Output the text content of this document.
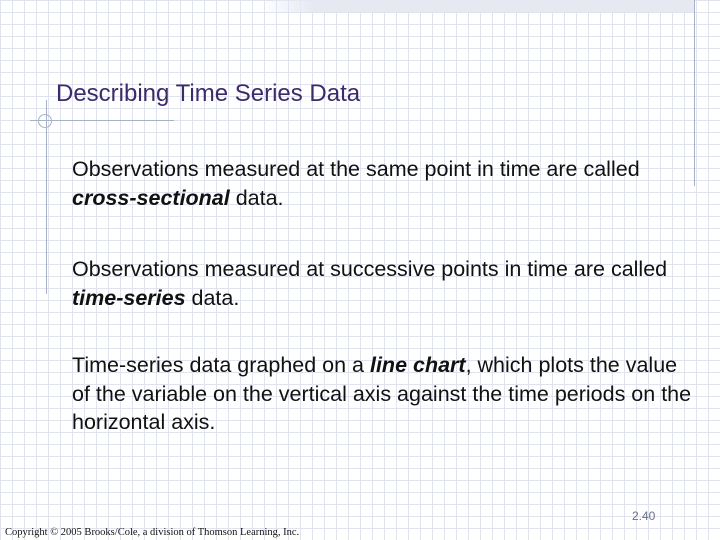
Describing Time Series Data

Observations measured at the same point in time are called cross-sectional data.

Observations measured at successive points in time are called time-series data.

Time-series data graphed on a line chart, which plots the value of the variable on the vertical axis against the time periods on the horizontal axis.

2.40

Copyright © 2005 Brooks/Cole, a division of Thomson Learning, Inc.
